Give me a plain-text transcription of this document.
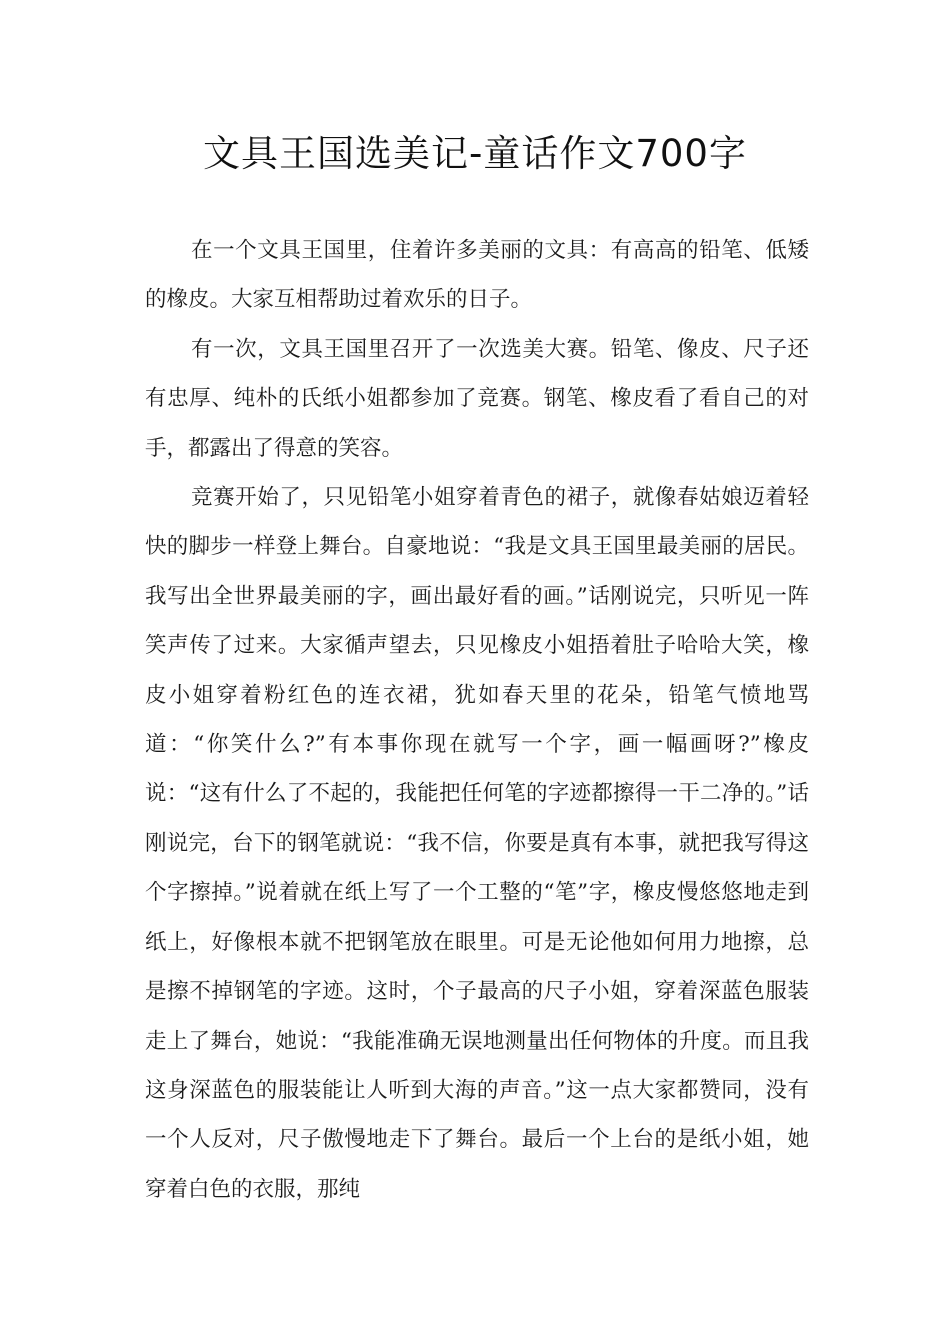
文具王国选美记-童话作文700字

在一个文具王国里，住着许多美丽的文具：有高高的铅笔、低矮的橡皮。大家互相帮助过着欢乐的日子。

有一次，文具王国里召开了一次选美大赛。铅笔、像皮、尺子还有忠厚、纯朴的氏纸小姐都参加了竞赛。钢笔、橡皮看了看自己的对手，都露出了得意的笑容。

竞赛开始了，只见铅笔小姐穿着青色的裙子，就像春姑娘迈着轻快的脚步一样登上舞台。自豪地说：“我是文具王国里最美丽的居民。我写出全世界最美丽的字，画出最好看的画。”话刚说完，只听见一阵笑声传了过来。大家循声望去，只见橡皮小姐捂着肚子哈哈大笑，橡皮小姐穿着粉红色的连衣裙，犹如春天里的花朵，铅笔气愤地骂道：“你笑什么?”有本事你现在就写一个字，画一幅画呀?”橡皮说：“这有什么了不起的，我能把任何笔的字迹都擦得一干二净的。”话刚说完，台下的钢笔就说：“我不信，你要是真有本事，就把我写得这个字擦掉。”说着就在纸上写了一个工整的“笔”字，橡皮慢悠悠地走到纸上，好像根本就不把钢笔放在眼里。可是无论他如何用力地擦，总是擦不掉钢笔的字迹。这时，个子最高的尺子小姐，穿着深蓝色服装走上了舞台，她说：“我能准确无误地测量出任何物体的升度。而且我这身深蓝色的服装能让人听到大海的声音。”这一点大家都赞同，没有一个人反对，尺子傲慢地走下了舞台。最后一个上台的是纸小姐，她穿着白色的衣服，那纯
